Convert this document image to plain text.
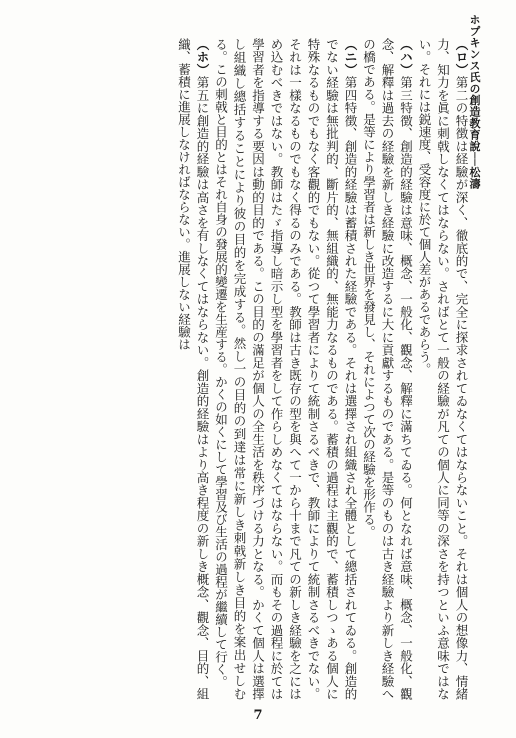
ホプキンス氏の創造教育說──松濤

（ロ）第二の特徴は経驗が深く、徹底的で、完全に探求されてゐなくてはならないこと。それは個人の想像力、情緒力、知力を眞に刺戟しなくてはならない。さればとて一般の経驗が凡ての個人に同等の深さを持つといふ意味ではない。それには鋭速度、受容度に於て個人差があるであらう。

（ハ）第三特徴、創造的経驗は意味、概念、一般化、觀念、解釋に滿ちてゐる。何となれば意味、概念、一般化、觀念、解釋は過去の経驗を新しき経驗に改造するに大に貢獻するものである。是等のものは古き経驗より新しき経驗への橋である。是等により學習者は新しき世界を發見し、それによつて次の経驗を形作る。

（ニ）第四特徴、創造的経驗は蓄積された経驗である。それは選擇され組織され全體として總括されてゐる。創造的でない経驗は無批判的、斷片的、無組織的、無能力なるものである。蓄積の過程は主觀的で、蓄積しつゝある個人に特殊なるものでもなく客觀的でもない。從つて學習者によりて統制さるべきで、教師によりて統制さるべきでない。それは一樣なるものでもなく得るのみである。教師は古き既存の型を與へて一から十まで凡ての新しき経驗を之にはめ込むべきではない。教師はたゞ指導し暗示し型を學習者をして作らしめなくてはならない。而もその過程に於ては學習者を指導する要因は動的目的である。この目的の滿足が個人の全生活を秩序づける力となる。かくて個人は選擇し組織し總括することにより彼の目的を完成する。然し一の目的の到達は常に新しき刺戟新しき目的を案出せしむる。この刺戟と目的とはそれ自身の發展的變遷を生産する。かくの如くにして學習及び生活の過程が繼續して行く。

（ホ）第五に創造的経驗は高さを有しなくてはならない。創造的経驗はより高き程度の新しき概念、觀念、目的、組織、蓄積に進展しなければならない。進展しない経驗は

7
